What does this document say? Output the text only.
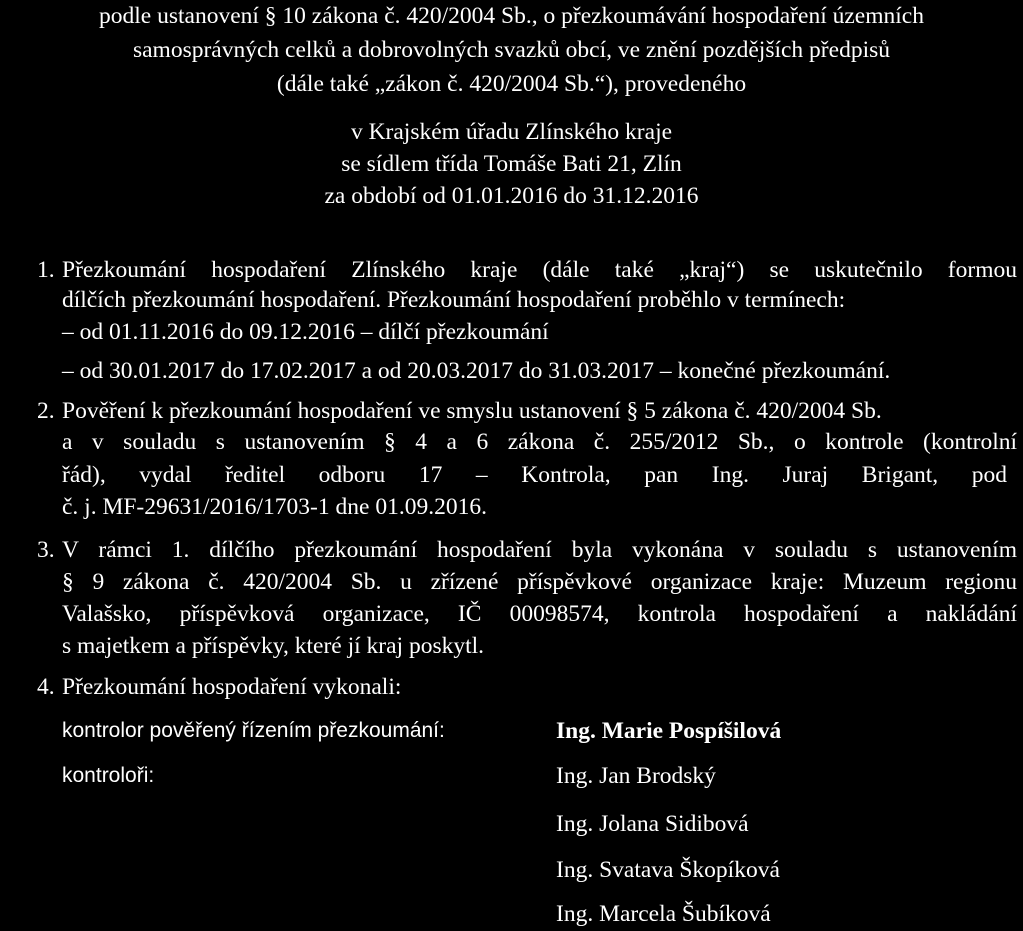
podle ustanovení § 10 zákona č. 420/2004 Sb., o přezkoumávání hospodaření územních
samosprávných celků a dobrovolných svazků obcí, ve znění pozdějších předpisů
(dále také „zákon č. 420/2004 Sb.“), provedeného
v Krajském úřadu Zlínského kraje
se sídlem třída Tomáše Bati 21, Zlín
za období od 01.01.2016 do 31.12.2016
1. Přezkoumání hospodaření Zlínského kraje (dále také „kraj“) se uskutečnilo formou
dílčích přezkoumání hospodaření. Přezkoumání hospodaření proběhlo v termínech:
– od 01.11.2016 do 09.12.2016 – dílčí přezkoumání
– od 30.01.2017 do 17.02.2017 a od 20.03.2017 do 31.03.2017 – konečné přezkoumání.
2. Pověření k přezkoumání hospodaření ve smyslu ustanovení § 5 zákona č. 420/2004 Sb.
a v souladu s ustanovením § 4 a 6 zákona č. 255/2012 Sb., o kontrole (kontrolní
řád), vydal ředitel odboru 17 – Kontrola, pan Ing. Juraj Brigant, pod
č. j. MF-29631/2016/1703-1 dne 01.09.2016.
3. V rámci 1. dílčího přezkoumání hospodaření byla vykonána v souladu s ustanovením
§ 9 zákona č. 420/2004 Sb. u zřízené příspěvkové organizace kraje: Muzeum regionu
Valašsko, příspěvková organizace, IČ 00098574, kontrola hospodaření a nakládání
s majetkem a příspěvky, které jí kraj poskytl.
4. Přezkoumání hospodaření vykonali:
kontrolor pověřený řízením přezkoumání:	Ing. Marie Pospíšilová
kontroloři:	Ing. Jan Brodský
Ing. Jolana Sidibová
Ing. Svatava Škopíková
Ing. Marcela Šubíková
